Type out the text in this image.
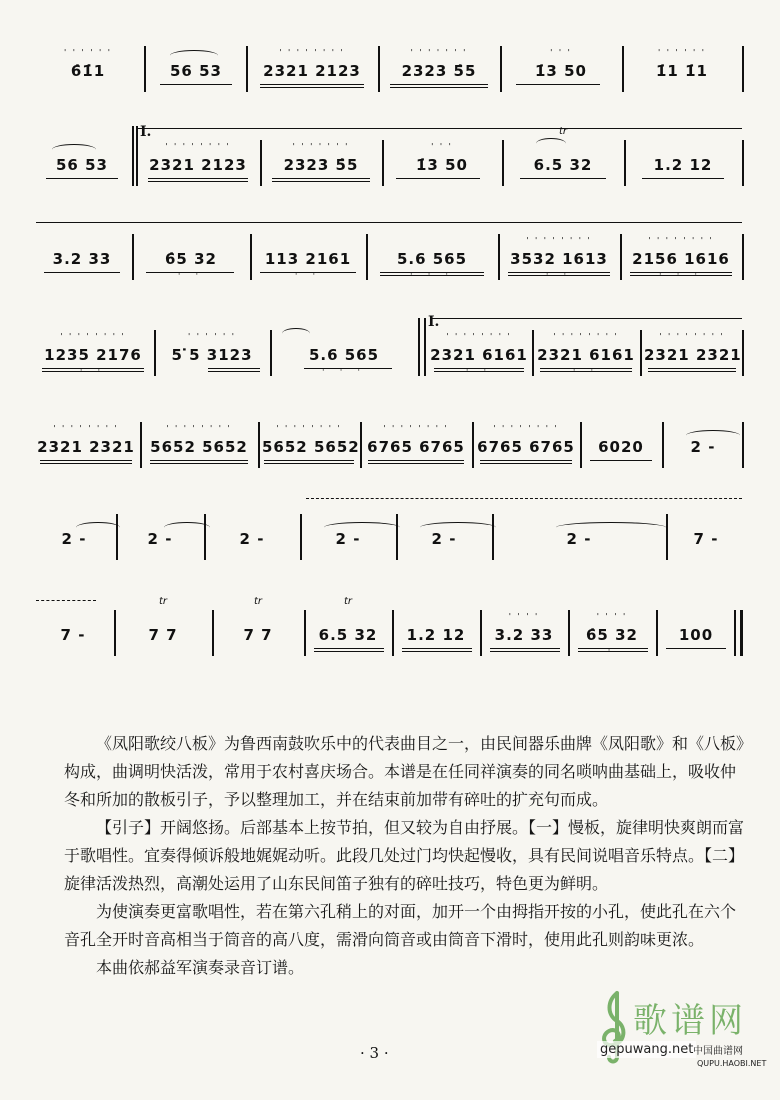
' ' ' ' ' '
6̇1̇̇1	56 53
' ' ' ' ' ' ' '
2321 2123
' ' ' ' ' ' '
2323 5̇5
' ' '
1̇3 50
' ' ' ' ' '
1̇1 1̇1
I.
56 53
' ' ' ' ' ' ' '
2321 2123
' ' ' ' ' ' '
2323 5̇5
' ' '
1̇3 50
tr
6.5 32	1.2 12
3.2 33	6̇5 32
· ·
113 2161
· ·
5.6 565
· · ·
' ' ' ' ' ' ' '
3532 1613
· ·
' ' ' ' ' ' ' '
2156 1616
· · ·
I.
' ' ' ' ' ' ' '
1235 2176
· ·
' ' ' ' ' '
5 ̇5 3123	5.6 565
· · ·
' ' ' ' ' ' ' '
2321 6161
· ·
' ' ' ' ' ' ' '
2321 6161
· ·
' ' ' ' ' ' ' '
2321 2321
' ' ' ' ' ' ' '
2321 2321
' ' ' ' ' ' ' '
5652 5652
' ' ' ' ' ' ' '
5652 5652
' ' ' ' ' ' ' '
6765 6765
' ' ' ' ' ' ' '
6765 6765	6020	2 -
2 -	2 -	2 -	2 -	2 -	2 -	7 -
7 -
tr
7 7
tr
7 7
tr
6.5 32	1.2 12
' ' ' '
3.2 33
' ' ' '
6̇5 32
·
100

《凤阳歌绞八板》为鲁西南鼓吹乐中的代表曲目之一，由民间器乐曲牌《凤阳歌》和《八板》构成，曲调明快活泼，常用于农村喜庆场合。本谱是在任同祥演奏的同名唢呐曲基础上，吸收仲冬和所加的散板引子，予以整理加工，并在结束前加带有碎吐的扩充句而成。

【引子】开阔悠扬。后部基本上按节拍，但又较为自由抒展。【一】慢板，旋律明快爽朗而富于歌唱性。宜奏得倾诉般地娓娓动听。此段几处过门均快起慢收，具有民间说唱音乐特点。【二】旋律活泼热烈，高潮处运用了山东民间笛子独有的碎吐技巧，特色更为鲜明。

为使演奏更富歌唱性，若在第六孔稍上的对面，加开一个由拇指开按的小孔，使此孔在六个音孔全开时音高相当于筒音的高八度，需滑向筒音或由筒音下滑时，使用此孔则韵味更浓。

本曲依郝益军演奏录音订谱。

· 3 ·
歌谱网
gepuwang.net 中国曲谱网
QUPU.HAOBI.NET
